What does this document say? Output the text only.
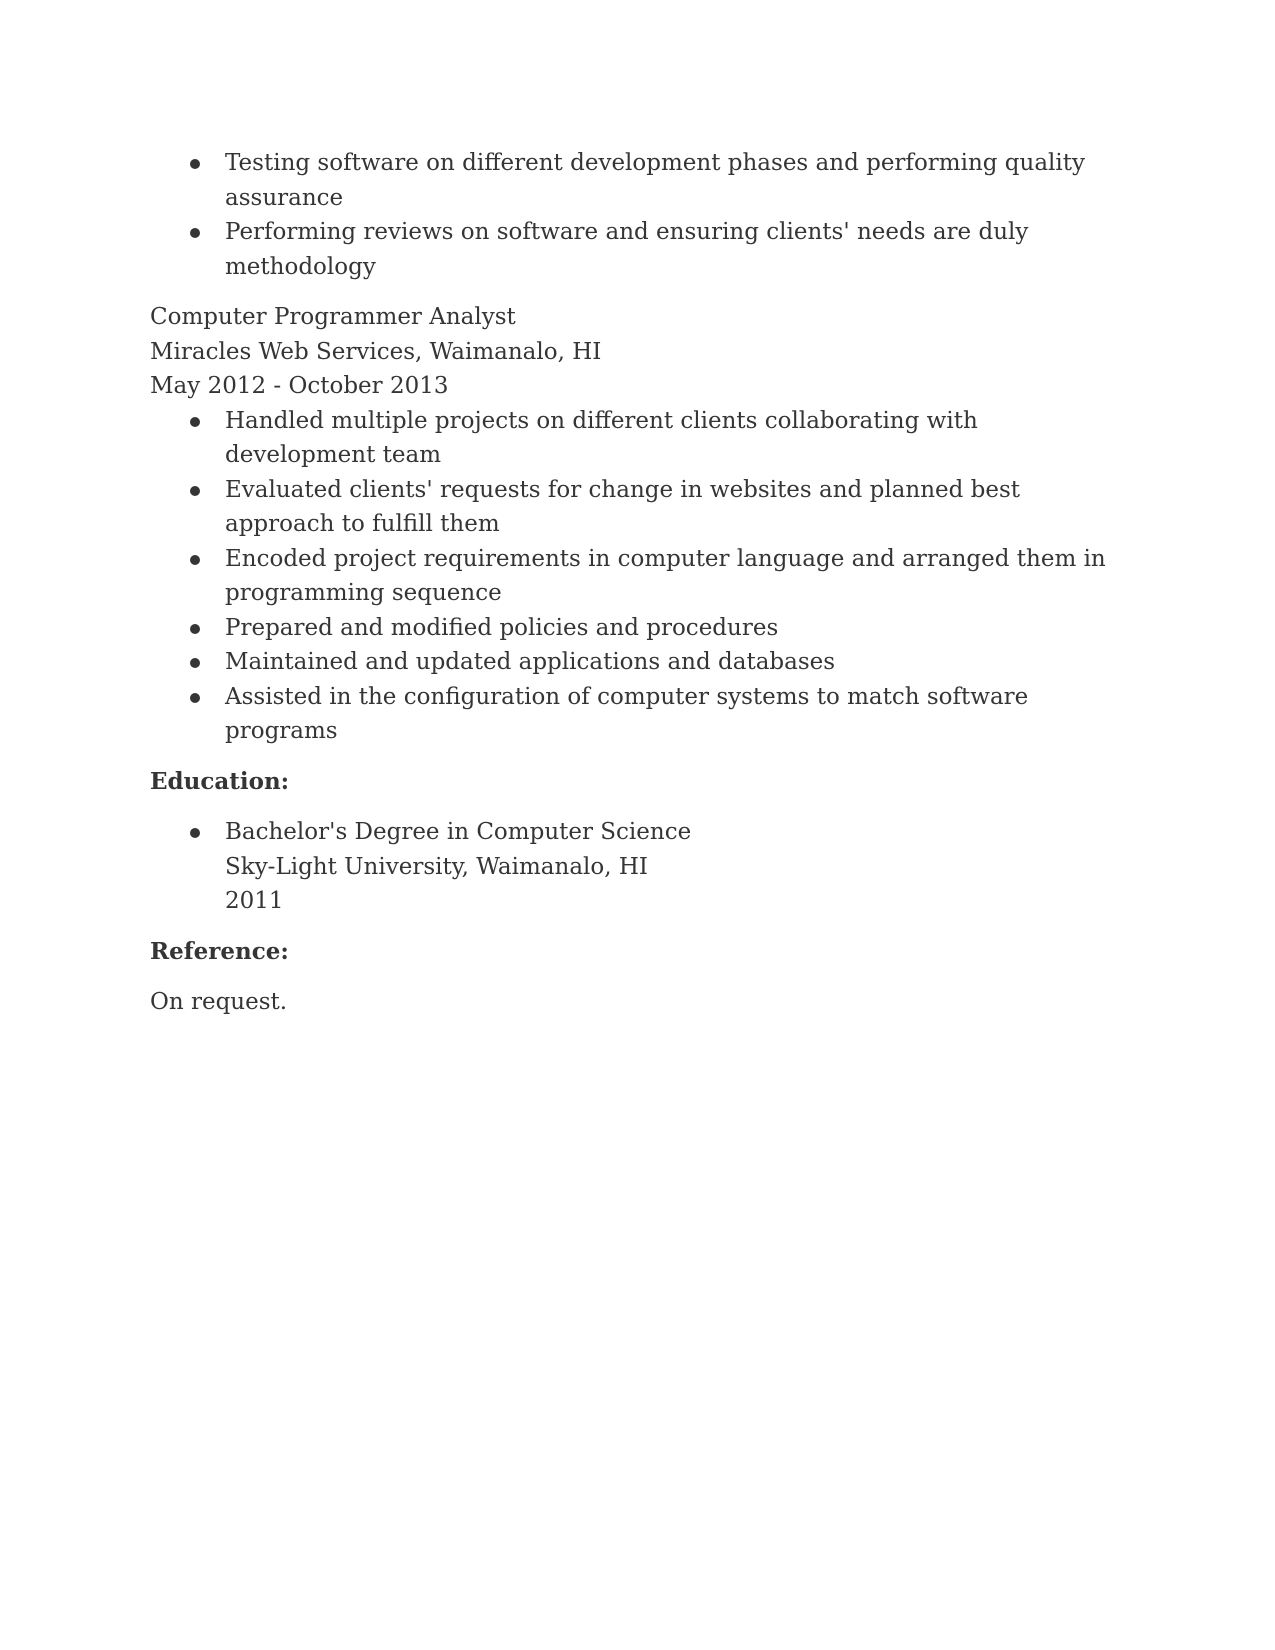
Testing software on different development phases and performing quality assurance
Performing reviews on software and ensuring clients' needs are duly methodology
Computer Programmer Analyst
Miracles Web Services, Waimanalo, HI
May 2012 - October 2013
Handled multiple projects on different clients collaborating with development team
Evaluated clients' requests for change in websites and planned best approach to fulfill them
Encoded project requirements in computer language and arranged them in programming sequence
Prepared and modified policies and procedures
Maintained and updated applications and databases
Assisted in the configuration of computer systems to match software programs
Education:
Bachelor's Degree in Computer Science
Sky-Light University, Waimanalo, HI
2011
Reference:
On request.
